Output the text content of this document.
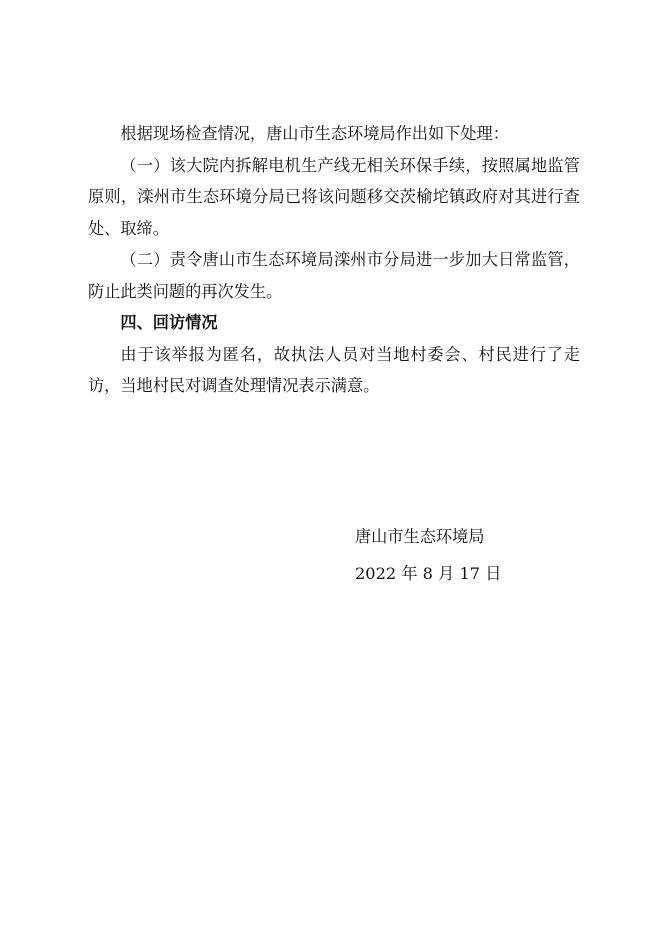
根据现场检查情况，唐山市生态环境局作出如下处理：

（一）该大院内拆解电机生产线无相关环保手续，按照属地监管原则，滦州市生态环境分局已将该问题移交茨榆坨镇政府对其进行查处、取缔。

（二）责令唐山市生态环境局滦州市分局进一步加大日常监管，防止此类问题的再次发生。

四、回访情况

由于该举报为匿名，故执法人员对当地村委会、村民进行了走访，当地村民对调查处理情况表示满意。

唐山市生态环境局

2022 年 8 月 17 日
